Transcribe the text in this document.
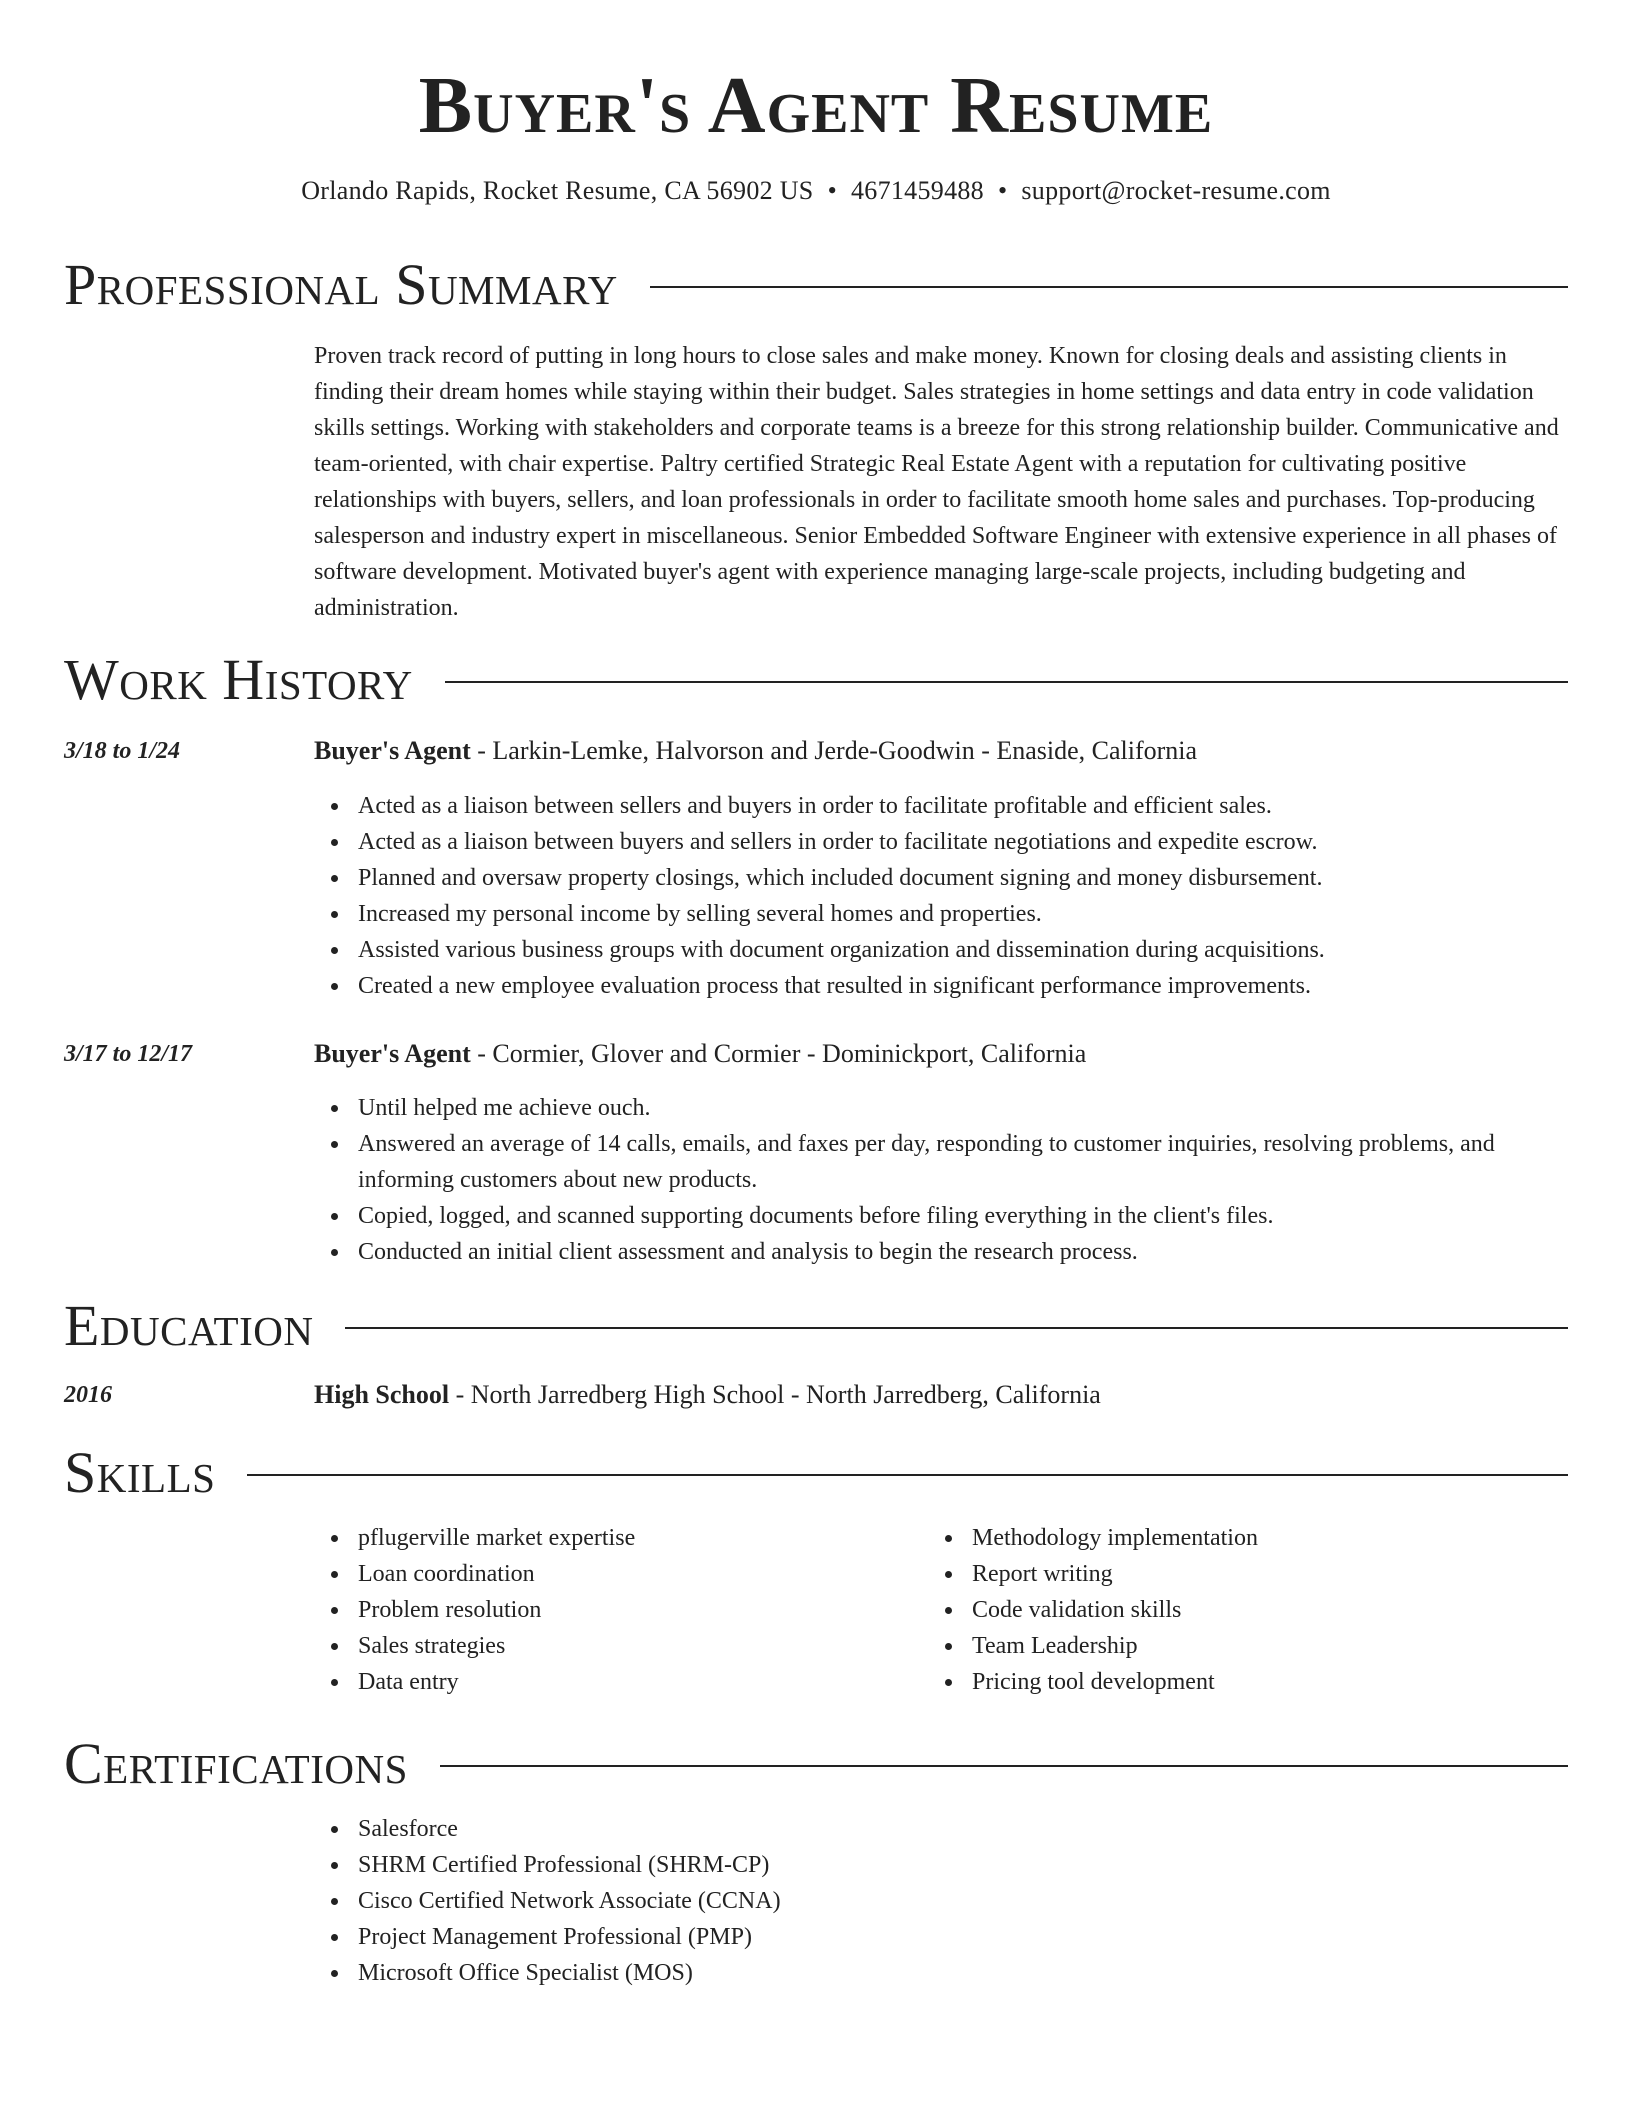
Buyer's Agent Resume
Orlando Rapids, Rocket Resume, CA 56902 US • 4671459488 • support@rocket-resume.com
Professional Summary

Proven track record of putting in long hours to close sales and make money. Known for closing deals and assisting clients in finding their dream homes while staying within their budget. Sales strategies in home settings and data entry in code validation skills settings. Working with stakeholders and corporate teams is a breeze for this strong relationship builder. Communicative and team-oriented, with chair expertise. Paltry certified Strategic Real Estate Agent with a reputation for cultivating positive relationships with buyers, sellers, and loan professionals in order to facilitate smooth home sales and purchases. Top-producing salesperson and industry expert in miscellaneous. Senior Embedded Software Engineer with extensive experience in all phases of software development. Motivated buyer's agent with experience managing large-scale projects, including budgeting and administration.

Work History
3/18 to 1/24	Buyer's Agent - Larkin-Lemke, Halvorson and Jerde-Goodwin - Enaside, California
Acted as a liaison between sellers and buyers in order to facilitate profitable and efficient sales.
Acted as a liaison between buyers and sellers in order to facilitate negotiations and expedite escrow.
Planned and oversaw property closings, which included document signing and money disbursement.
Increased my personal income by selling several homes and properties.
Assisted various business groups with document organization and dissemination during acquisitions.
Created a new employee evaluation process that resulted in significant performance improvements.
3/17 to 12/17	Buyer's Agent - Cormier, Glover and Cormier - Dominickport, California
Until helped me achieve ouch.
Answered an average of 14 calls, emails, and faxes per day, responding to customer inquiries, resolving problems, and informing customers about new products.
Copied, logged, and scanned supporting documents before filing everything in the client's files.
Conducted an initial client assessment and analysis to begin the research process.
Education
2016	High School - North Jarredberg High School - North Jarredberg, California
Skills
pflugerville market expertise
Loan coordination
Problem resolution
Sales strategies
Data entry
Methodology implementation
Report writing
Code validation skills
Team Leadership
Pricing tool development
Certifications
Salesforce
SHRM Certified Professional (SHRM-CP)
Cisco Certified Network Associate (CCNA)
Project Management Professional (PMP)
Microsoft Office Specialist (MOS)
